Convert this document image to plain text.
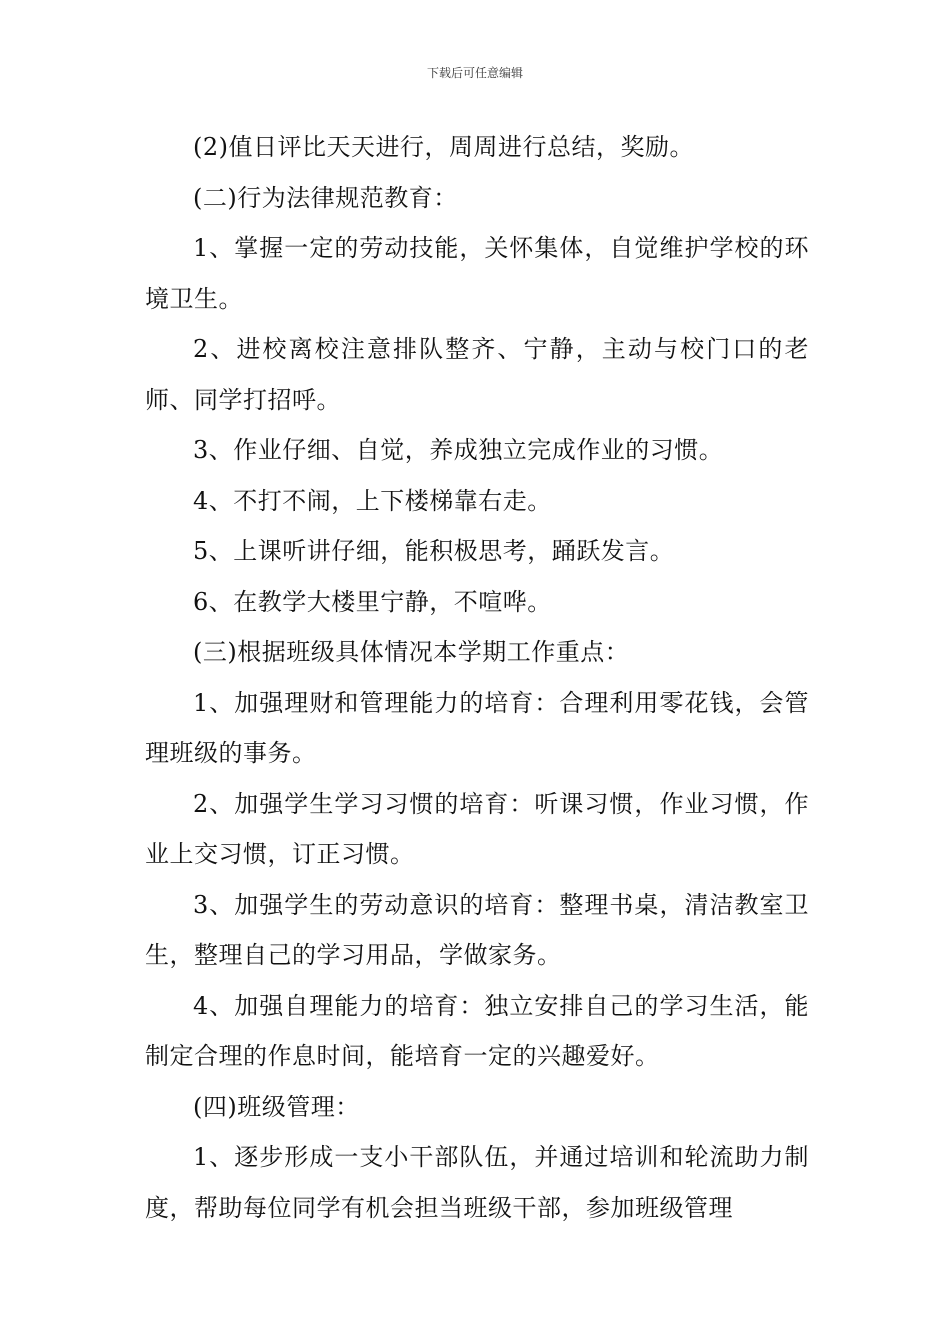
下载后可任意编辑

(2)值日评比天天进行，周周进行总结，奖励。

(二)行为法律规范教育：

1、掌握一定的劳动技能，关怀集体，自觉维护学校的环境卫生。

2、进校离校注意排队整齐、宁静，主动与校门口的老师、同学打招呼。

3、作业仔细、自觉，养成独立完成作业的习惯。

4、不打不闹，上下楼梯靠右走。

5、上课听讲仔细，能积极思考，踊跃发言。

6、在教学大楼里宁静，不喧哗。

(三)根据班级具体情况本学期工作重点：

1、加强理财和管理能力的培育：合理利用零花钱，会管理班级的事务。

2、加强学生学习习惯的培育：听课习惯，作业习惯，作业上交习惯，订正习惯。

3、加强学生的劳动意识的培育：整理书桌，清洁教室卫生，整理自己的学习用品，学做家务。

4、加强自理能力的培育：独立安排自己的学习生活，能制定合理的作息时间，能培育一定的兴趣爱好。

(四)班级管理：

1、逐步形成一支小干部队伍，并通过培训和轮流助力制度，帮助每位同学有机会担当班级干部，参加班级管理
